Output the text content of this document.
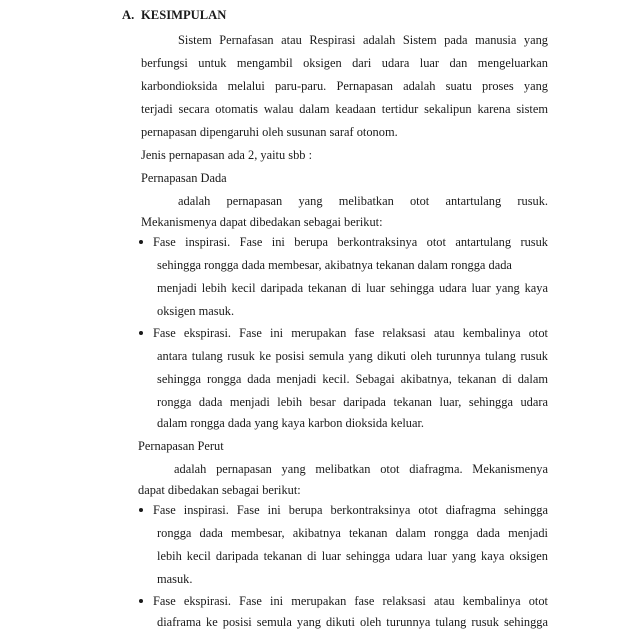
A. KESIMPULAN
Sistem Pernafasan atau Respirasi adalah Sistem pada manusia yang
berfungsi untuk mengambil oksigen dari udara luar dan mengeluarkan
karbondioksida melalui paru-paru. Pernapasan adalah suatu proses yang
terjadi secara otomatis walau dalam keadaan tertidur sekalipun karena sistem
pernapasan dipengaruhi oleh susunan saraf otonom.
Jenis pernapasan ada 2, yaitu sbb :
Pernapasan Dada
adalah pernapasan yang melibatkan otot antartulang rusuk.
Mekanismenya dapat dibedakan sebagai berikut:
Fase inspirasi. Fase ini berupa berkontraksinya otot antartulang rusuk
sehingga rongga dada membesar, akibatnya tekanan dalam rongga dada
menjadi lebih kecil daripada tekanan di luar sehingga udara luar yang kaya
oksigen masuk.
Fase ekspirasi. Fase ini merupakan fase relaksasi atau kembalinya otot
antara tulang rusuk ke posisi semula yang dikuti oleh turunnya tulang rusuk
sehingga rongga dada menjadi kecil. Sebagai akibatnya, tekanan di dalam
rongga dada menjadi lebih besar daripada tekanan luar, sehingga udara
dalam rongga dada yang kaya karbon dioksida keluar.
Pernapasan Perut
adalah pernapasan yang melibatkan otot diafragma. Mekanismenya
dapat dibedakan sebagai berikut:
Fase inspirasi. Fase ini berupa berkontraksinya otot diafragma sehingga
rongga dada membesar, akibatnya tekanan dalam rongga dada menjadi
lebih kecil daripada tekanan di luar sehingga udara luar yang kaya oksigen
masuk.
Fase ekspirasi. Fase ini merupakan fase relaksasi atau kembalinya otot
diaframa ke posisi semula yang dikuti oleh turunnya tulang rusuk sehingga
